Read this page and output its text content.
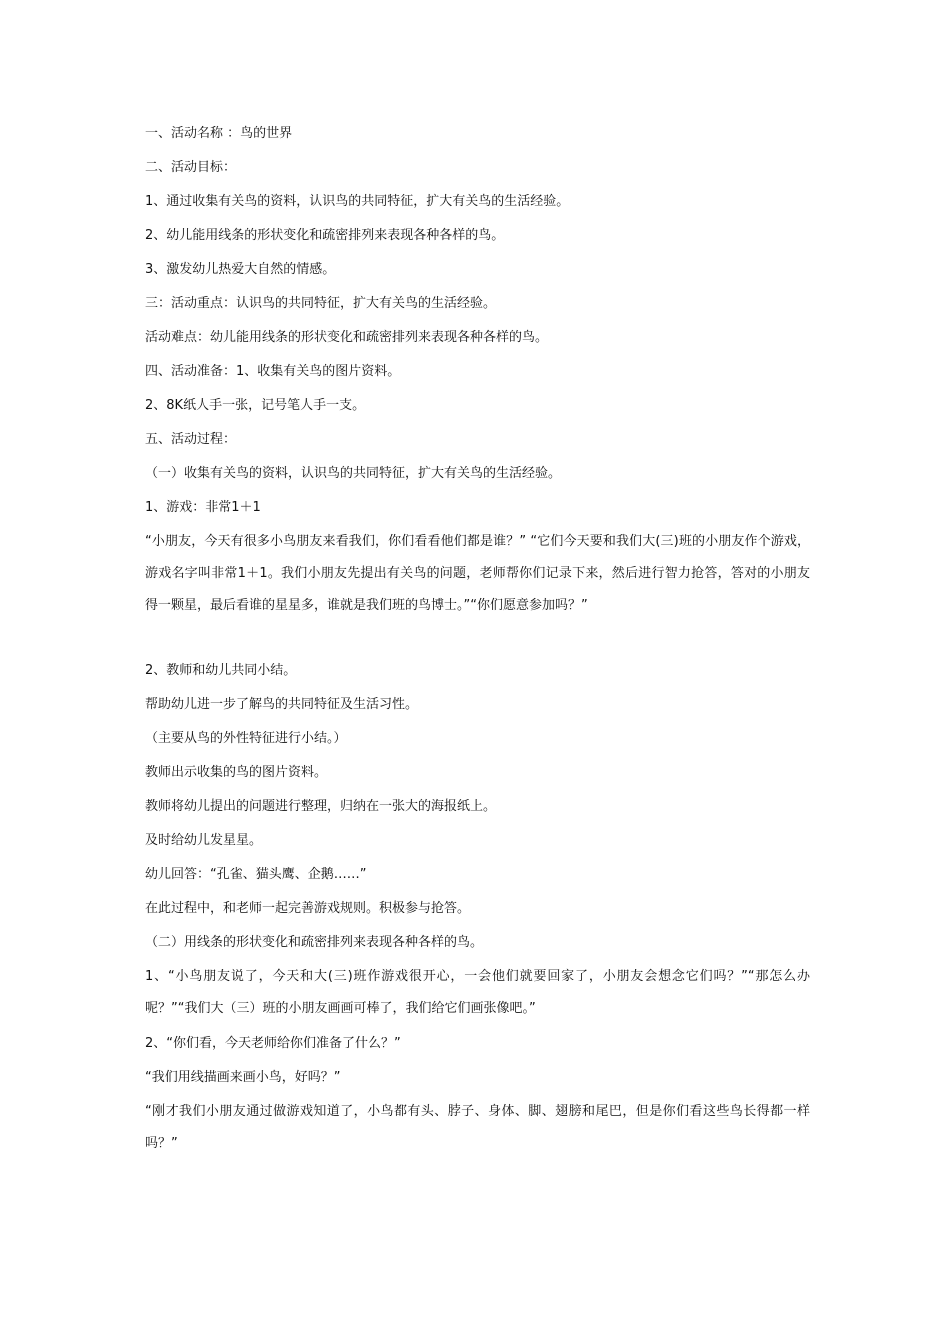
一、活动名称 ：鸟的世界

二、活动目标：

1、通过收集有关鸟的资料，认识鸟的共同特征，扩大有关鸟的生活经验。

2、幼儿能用线条的形状变化和疏密排列来表现各种各样的鸟。

3、激发幼儿热爱大自然的情感。

三：活动重点：认识鸟的共同特征，扩大有关鸟的生活经验。

活动难点：幼儿能用线条的形状变化和疏密排列来表现各种各样的鸟。

四、活动准备：1、收集有关鸟的图片资料。

2、8K纸人手一张，记号笔人手一支。

五、活动过程：

（一）收集有关鸟的资料，认识鸟的共同特征，扩大有关鸟的生活经验。

1、游戏：非常1＋1

“小朋友，今天有很多小鸟朋友来看我们，你们看看他们都是谁？” “它们今天要和我们大(三)班的小朋友作个游戏，游戏名字叫非常1＋1。我们小朋友先提出有关鸟的问题，老师帮你们记录下来，然后进行智力抢答，答对的小朋友得一颗星，最后看谁的星星多，谁就是我们班的鸟博士。”“你们愿意参加吗？”

2、教师和幼儿共同小结。

帮助幼儿进一步了解鸟的共同特征及生活习性。

（主要从鸟的外性特征进行小结。）

教师出示收集的鸟的图片资料。

教师将幼儿提出的问题进行整理，归纳在一张大的海报纸上。

及时给幼儿发星星。

幼儿回答：“孔雀、猫头鹰、企鹅……”

在此过程中，和老师一起完善游戏规则。积极参与抢答。

（二）用线条的形状变化和疏密排列来表现各种各样的鸟。

1、“小鸟朋友说了，今天和大(三)班作游戏很开心，一会他们就要回家了，小朋友会想念它们吗？”“那怎么办呢？”“我们大（三）班的小朋友画画可棒了，我们给它们画张像吧。”

2、“你们看，今天老师给你们准备了什么？”

“我们用线描画来画小鸟，好吗？”

“刚才我们小朋友通过做游戏知道了，小鸟都有头、脖子、身体、脚、翅膀和尾巴，但是你们看这些鸟长得都一样吗？”
